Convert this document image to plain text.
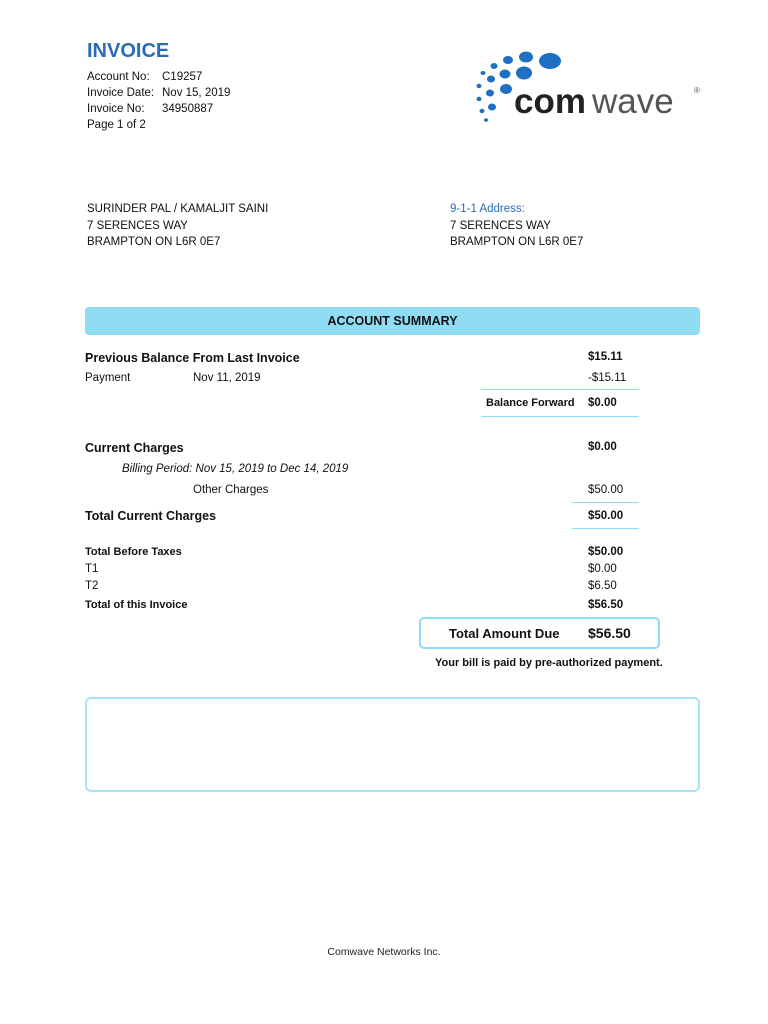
INVOICE
Account No:	C19257
Invoice Date: Nov 15, 2019
Invoice No:	34950887
Page 1 of 2
com wave	®
SURINDER PAL / KAMALJIT SAINI
7 SERENCES WAY
BRAMPTON ON L6R 0E7
9-1-1 Address:
7 SERENCES WAY
BRAMPTON ON L6R 0E7
ACCOUNT SUMMARY
Previous Balance From Last Invoice	$15.11
Payment	Nov 11, 2019	-$15.11
Balance Forward $0.00
Current Charges	$0.00
Billing Period: Nov 15, 2019 to Dec 14, 2019
Other Charges	$50.00
Total Current Charges	$50.00
Total Before Taxes	$50.00
T1	$0.00
T2	$6.50
Total of this Invoice	$56.50
Total Amount Due $56.50
Your bill is paid by pre-authorized payment.
Comwave Networks Inc.
